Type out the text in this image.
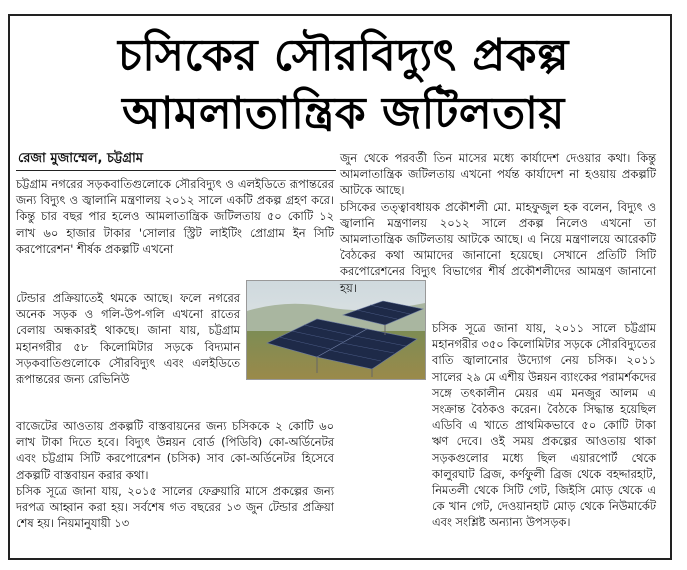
চসিকের সৌরবিদ্যুৎ প্রকল্প
আমলাতান্ত্রিক জটিলতায়
রেজা মুজাম্মেল, চট্টগ্রাম

চট্টগ্রাম নগরের সড়কবাতিগুলোকে সৌরবিদ্যুৎ ও এলইডিতে রূপান্তরের জন্য বিদ্যুৎ ও জ্বালানি মন্ত্রণালয় ২০১২ সালে একটি প্রকল্প গ্রহণ করে। কিন্তু চার বছর পার হলেও আমলাতান্ত্রিক জটিলতায় ৫০ কোটি ১২ লাখ ৬০ হাজার টাকার 'সোলার স্ট্রিট লাইটিং প্রোগ্রাম ইন সিটি করপোরেশন' শীর্ষক প্রকল্পটি এখনো

টেন্ডার প্রক্রিয়াতেই থমকে আছে। ফলে নগরের অনেক সড়ক ও গলি-উপ-গলি এখনো রাতের বেলায় অন্ধকারই থাকছে। জানা যায়, চট্টগ্রাম মহানগরীর ৫৮ কিলোমিটার সড়কে বিদ্যমান সড়কবাতিগুলোকে সৌরবিদ্যুৎ এবং এলইডিতে রূপান্তরের জন্য রেভিনিউ

বাজেটের আওতায় প্রকল্পটি বাস্তবায়নের জন্য চসিককে ২ কোটি ৬০ লাখ টাকা দিতে হবে। বিদ্যুৎ উন্নয়ন বোর্ড (পিডিবি) কো-অর্ডিনেটর এবং চট্টগ্রাম সিটি করপোরেশন (চসিক) সাব কো-অর্ডিনেটর হিসেবে প্রকল্পটি বাস্তবায়ন করার কথা।

চসিক সূত্রে জানা যায়, ২০১৫ সালের ফেব্রুয়ারি মাসে প্রকল্পের জন্য দরপত্র আহ্বান করা হয়। সর্বশেষ গত বছরের ১৩ জুন টেন্ডার প্রক্রিয়া শেষ হয়। নিয়মানুযায়ী ১৩

জুন থেকে পরবর্তী তিন মাসের মধ্যে কার্যাদেশ দেওয়ার কথা। কিন্তু আমলাতান্ত্রিক জটিলতায় এখনো পর্যন্ত কার্যাদেশ না হওয়ায় প্রকল্পটি আটকে আছে।

চসিকের তত্ত্বাবধায়ক প্রকৌশলী মো. মাহফুজুল হক বলেন, বিদ্যুৎ ও জ্বালানি মন্ত্রণালয় ২০১২ সালে প্রকল্প নিলেও এখনো তা আমলাতান্ত্রিক জটিলতায় আটকে আছে। এ নিয়ে মন্ত্রণালয়ে আরেকটি বৈঠকের কথা আমাদের জানানো হয়েছে। সেখানে প্রতিটি সিটি করপোরেশনের বিদ্যুৎ বিভাগের শীর্ষ প্রকৌশলীদের আমন্ত্রণ জানানো হয়।

চসিক সূত্রে জানা যায়, ২০১১ সালে চট্টগ্রাম মহানগরীর ৩৫০ কিলোমিটার সড়কে সৌরবিদ্যুতের বাতি জ্বালানোর উদ্যোগ নেয় চসিক। ২০১১ সালের ২৯ মে এশীয় উন্নয়ন ব্যাংকের পরামর্শকদের সঙ্গে তৎকালীন মেয়র এম মনজুর আলম এ সংক্রান্ত বৈঠকও করেন। বৈঠকে সিদ্ধান্ত হয়েছিল এডিবি এ খাতে প্রাথমিকভাবে ৫০ কোটি টাকা ঋণ দেবে। ওই সময় প্রকল্পের আওতায় থাকা সড়কগুলোর মধ্যে ছিল এয়ারপোর্ট থেকে কালুরঘাট ব্রিজ, কর্ণফুলী ব্রিজ থেকে বহদ্দারহাট, নিমতলী থেকে সিটি গেট, জিইসি মোড় থেকে এ কে খান গেট, দেওয়ানহাট মোড় থেকে নিউমার্কেট এবং সংশ্লিষ্ট অন্যান্য উপসড়ক।
